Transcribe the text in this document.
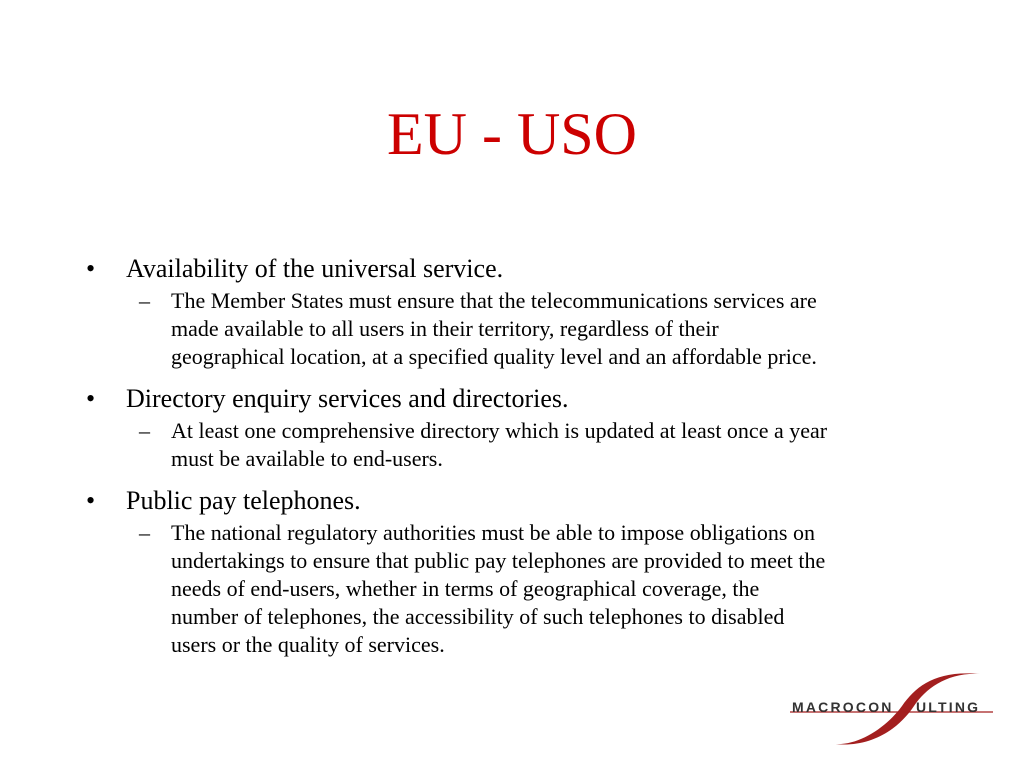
EU - USO
•	Availability of the universal service.
– The Member States must ensure that the telecommunications services are
made available to all users in their territory, regardless of their
geographical location, at a specified quality level and an affordable price.
•	Directory enquiry services and directories.
– At least one comprehensive directory which is updated at least once a year
must be available to end-users.
•	Public pay telephones.
– The national regulatory authorities must be able to impose obligations on
undertakings to ensure that public pay telephones are provided to meet the
needs of end-users, whether in terms of geographical coverage, the
number of telephones, the accessibility of such telephones to disabled
users or the quality of services.
MACROCON ULTING
